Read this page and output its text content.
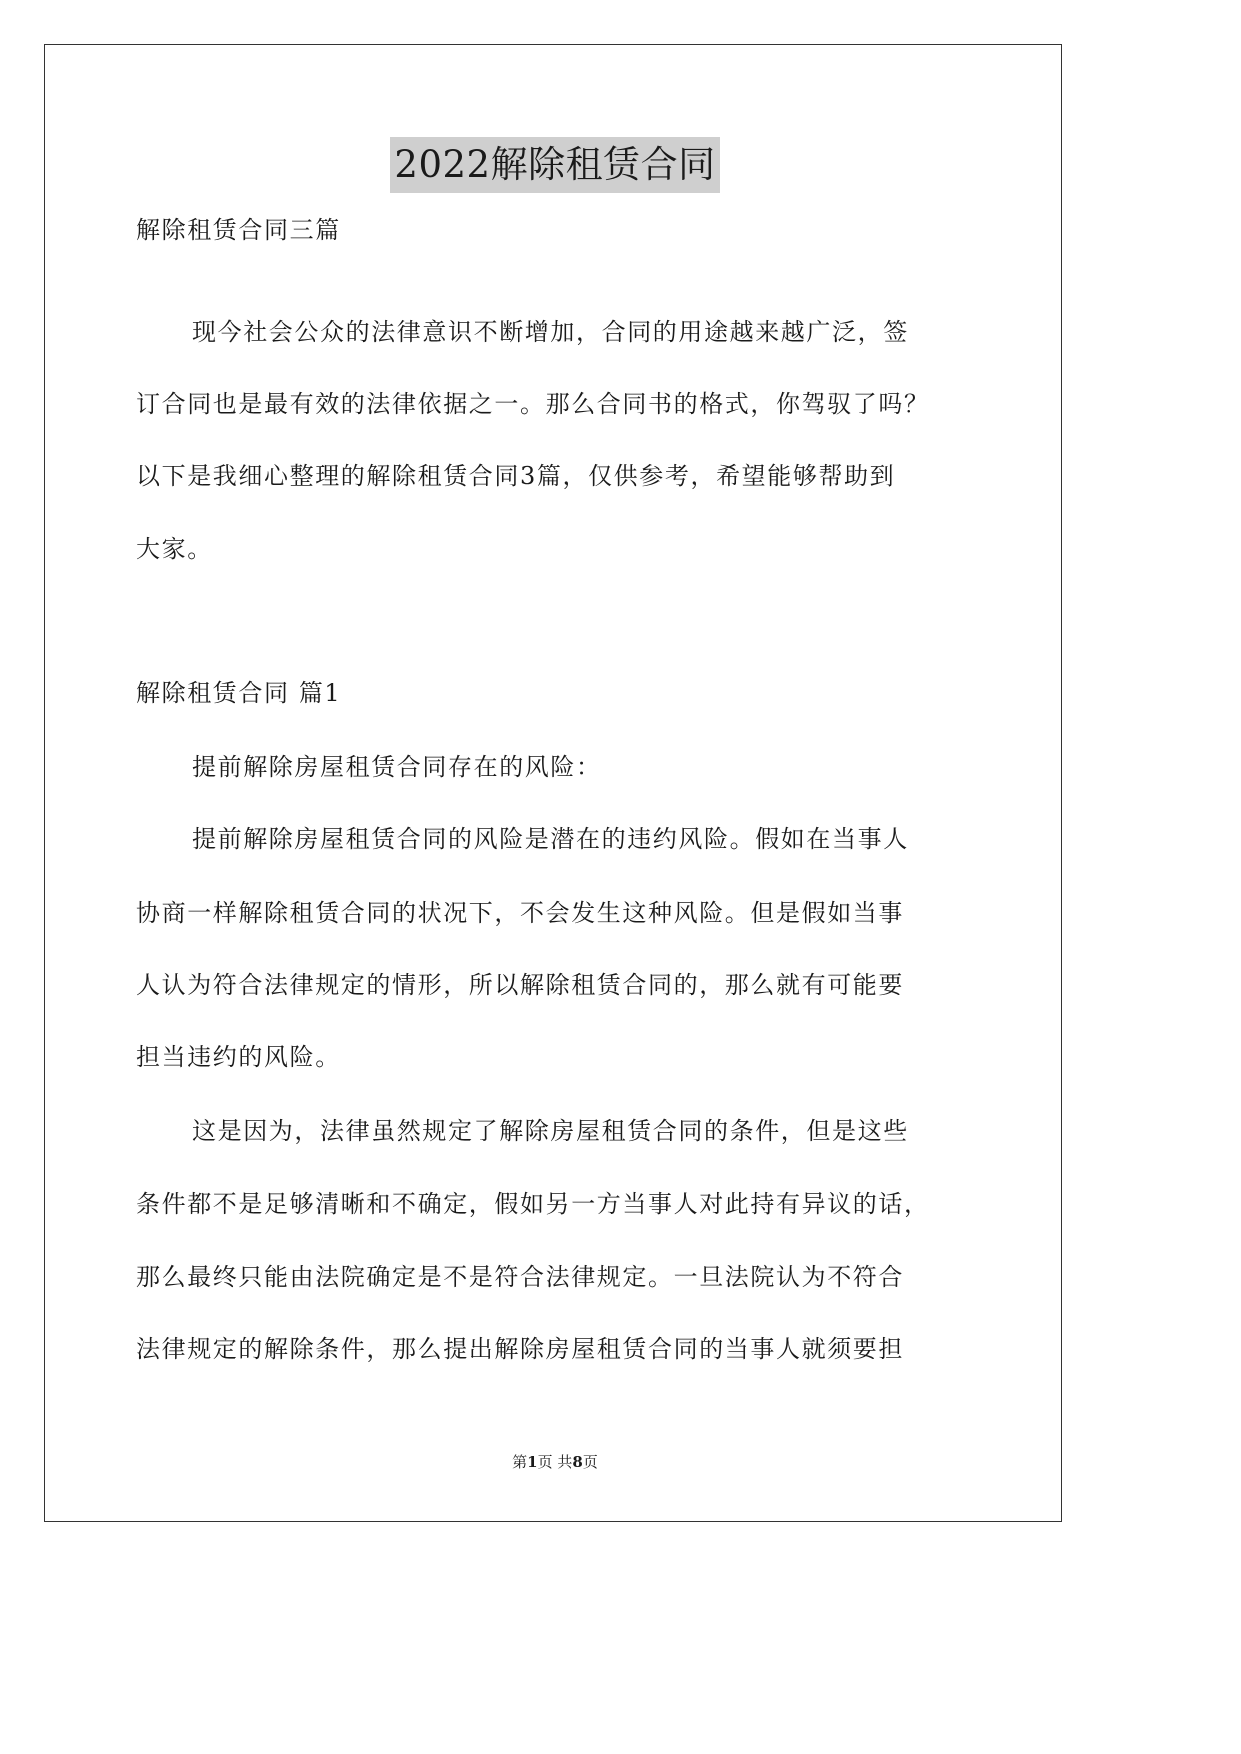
2022解除租赁合同
解除租赁合同三篇
现今社会公众的法律意识不断增加，合同的用途越来越广泛，签
订合同也是最有效的法律依据之一。那么合同书的格式，你驾驭了吗？
以下是我细心整理的解除租赁合同3篇，仅供参考，希望能够帮助到
大家。
解除租赁合同 篇1
提前解除房屋租赁合同存在的风险：
提前解除房屋租赁合同的风险是潜在的违约风险。假如在当事人
协商一样解除租赁合同的状况下，不会发生这种风险。但是假如当事
人认为符合法律规定的情形，所以解除租赁合同的，那么就有可能要
担当违约的风险。
这是因为，法律虽然规定了解除房屋租赁合同的条件，但是这些
条件都不是足够清晰和不确定，假如另一方当事人对此持有异议的话，
那么最终只能由法院确定是不是符合法律规定。一旦法院认为不符合
法律规定的解除条件，那么提出解除房屋租赁合同的当事人就须要担
第1页 共8页
